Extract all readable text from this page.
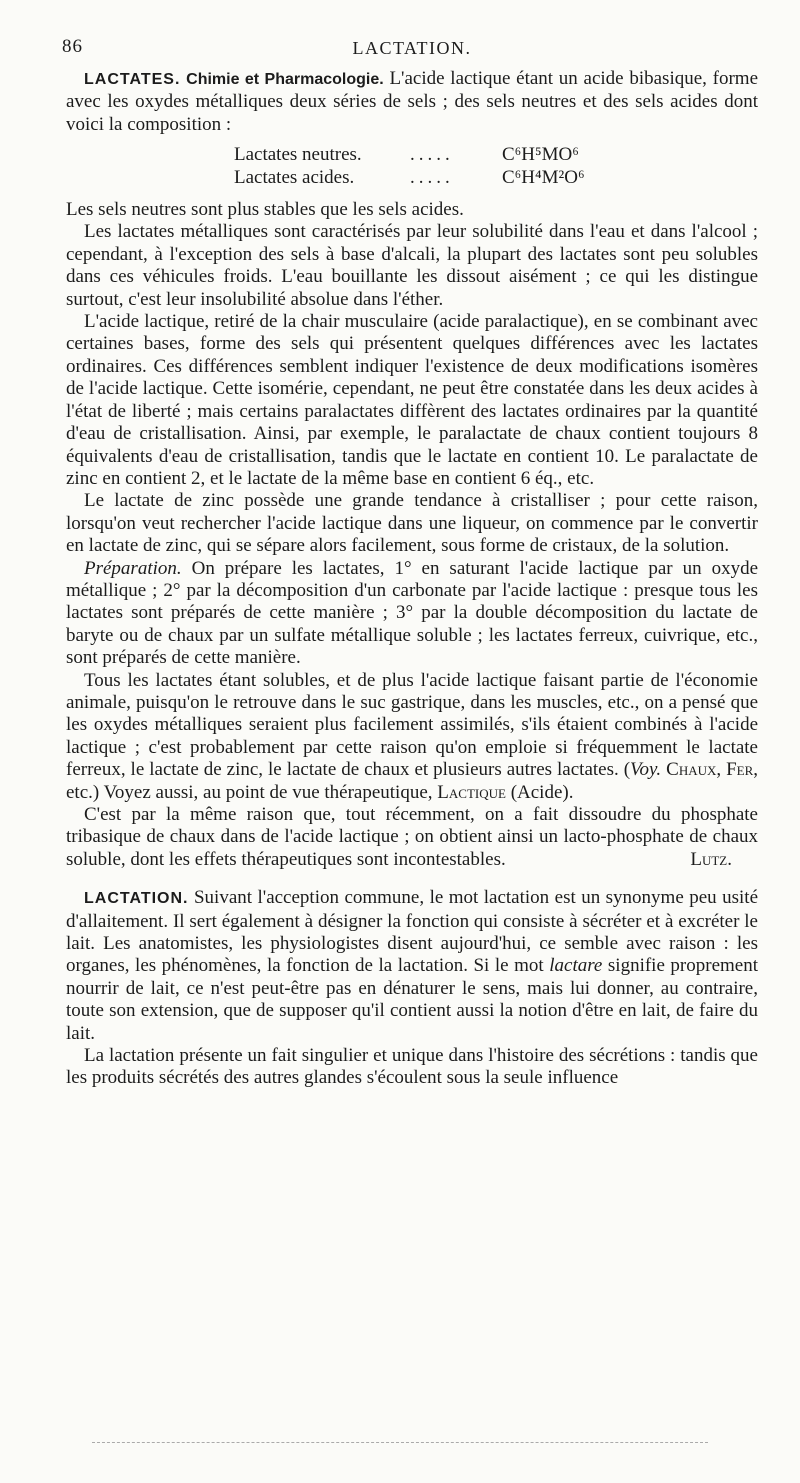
86	LACTATION.

LACTATES. Chimie et Pharmacologie. L'acide lactique étant un acide bibasique, forme avec les oxydes métalliques deux séries de sels ; des sels neutres et des sels acides dont voici la composition :

Lactates neutres.	.....	C⁶H⁵MO⁶
Lactates acides.	.....	C⁶H⁴M²O⁶

Les sels neutres sont plus stables que les sels acides.

Les lactates métalliques sont caractérisés par leur solubilité dans l'eau et dans l'alcool ; cependant, à l'exception des sels à base d'alcali, la plupart des lactates sont peu solubles dans ces véhicules froids. L'eau bouillante les dissout aisément ; ce qui les distingue surtout, c'est leur insolubilité absolue dans l'éther.

L'acide lactique, retiré de la chair musculaire (acide paralactique), en se combinant avec certaines bases, forme des sels qui présentent quelques différences avec les lactates ordinaires. Ces différences semblent indiquer l'existence de deux modifications isomères de l'acide lactique. Cette isomérie, cependant, ne peut être constatée dans les deux acides à l'état de liberté ; mais certains paralactates diffèrent des lactates ordinaires par la quantité d'eau de cristallisation. Ainsi, par exemple, le paralactate de chaux contient toujours 8 équivalents d'eau de cristallisation, tandis que le lactate en contient 10. Le paralactate de zinc en contient 2, et le lactate de la même base en contient 6 éq., etc.

Le lactate de zinc possède une grande tendance à cristalliser ; pour cette raison, lorsqu'on veut rechercher l'acide lactique dans une liqueur, on commence par le convertir en lactate de zinc, qui se sépare alors facilement, sous forme de cristaux, de la solution.

Préparation. On prépare les lactates, 1° en saturant l'acide lactique par un oxyde métallique ; 2° par la décomposition d'un carbonate par l'acide lactique : presque tous les lactates sont préparés de cette manière ; 3° par la double décomposition du lactate de baryte ou de chaux par un sulfate métallique soluble ; les lactates ferreux, cuivrique, etc., sont préparés de cette manière.

Tous les lactates étant solubles, et de plus l'acide lactique faisant partie de l'économie animale, puisqu'on le retrouve dans le suc gastrique, dans les muscles, etc., on a pensé que les oxydes métalliques seraient plus facilement assimilés, s'ils étaient combinés à l'acide lactique ; c'est probablement par cette raison qu'on emploie si fréquemment le lactate ferreux, le lactate de zinc, le lactate de chaux et plusieurs autres lactates. (Voy. Chaux, Fer, etc.) Voyez aussi, au point de vue thérapeutique, Lactique (Acide).

C'est par la même raison que, tout récemment, on a fait dissoudre du phosphate tribasique de chaux dans de l'acide lactique ; on obtient ainsi un lacto-phosphate de chaux soluble, dont les effets thérapeutiques sont incontestables.	Lutz.

LACTATION. Suivant l'acception commune, le mot lactation est un synonyme peu usité d'allaitement. Il sert également à désigner la fonction qui consiste à sécréter et à excréter le lait. Les anatomistes, les physiologistes disent aujourd'hui, ce semble avec raison : les organes, les phénomènes, la fonction de la lactation. Si le mot lactare signifie proprement nourrir de lait, ce n'est peut-être pas en dénaturer le sens, mais lui donner, au contraire, toute son extension, que de supposer qu'il contient aussi la notion d'être en lait, de faire du lait.

La lactation présente un fait singulier et unique dans l'histoire des sécrétions : tandis que les produits sécrétés des autres glandes s'écoulent sous la seule influence
